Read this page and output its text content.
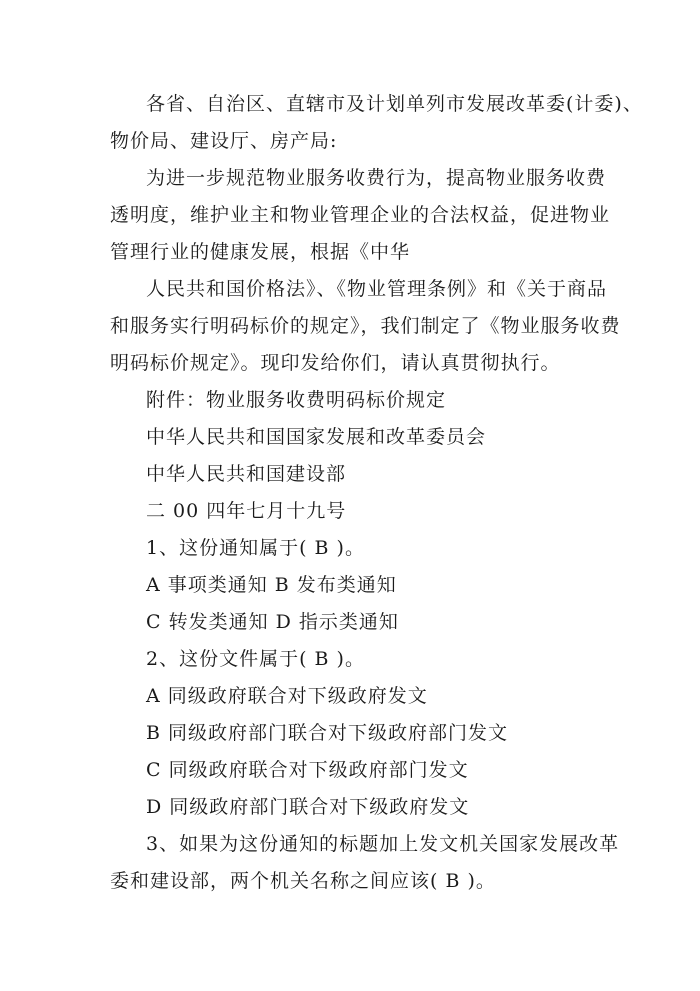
各省、自治区、直辖市及计划单列市发展改革委(计委)、
物价局、建设厅、房产局:
为进一步规范物业服务收费行为，提高物业服务收费
透明度，维护业主和物业管理企业的合法权益，促进物业
管理行业的健康发展，根据《中华
人民共和国价格法》、《物业管理条例》和《关于商品
和服务实行明码标价的规定》，我们制定了《物业服务收费
明码标价规定》。现印发给你们，请认真贯彻执行。
附件：物业服务收费明码标价规定
中华人民共和国国家发展和改革委员会
中华人民共和国建设部
二 00 四年七月十九号
1、这份通知属于( B )。
A 事项类通知 B 发布类通知
C 转发类通知 D 指示类通知
2、这份文件属于( B )。
A 同级政府联合对下级政府发文
B 同级政府部门联合对下级政府部门发文
C 同级政府联合对下级政府部门发文
D 同级政府部门联合对下级政府发文
3、如果为这份通知的标题加上发文机关国家发展改革
委和建设部，两个机关名称之间应该( B )。
